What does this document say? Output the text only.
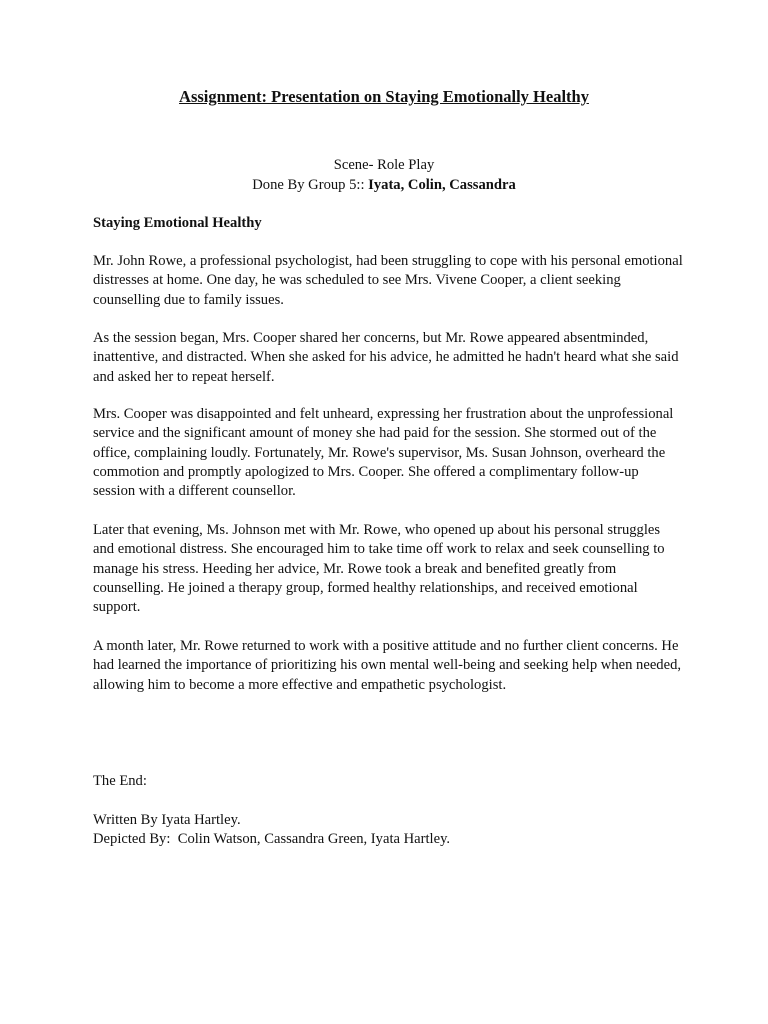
Assignment: Presentation on Staying Emotionally Healthy

Scene- Role Play

Done By Group 5:: Iyata, Colin, Cassandra

Staying Emotional Healthy

Mr. John Rowe, a professional psychologist, had been struggling to cope with his personal emotional distresses at home. One day, he was scheduled to see Mrs. Vivene Cooper, a client seeking counselling due to family issues.

As the session began, Mrs. Cooper shared her concerns, but Mr. Rowe appeared absentminded, inattentive, and distracted. When she asked for his advice, he admitted he hadn't heard what she said and asked her to repeat herself.

Mrs. Cooper was disappointed and felt unheard, expressing her frustration about the unprofessional service and the significant amount of money she had paid for the session. She stormed out of the office, complaining loudly. Fortunately, Mr. Rowe's supervisor, Ms. Susan Johnson, overheard the commotion and promptly apologized to Mrs. Cooper. She offered a complimentary follow-up session with a different counsellor.

Later that evening, Ms. Johnson met with Mr. Rowe, who opened up about his personal struggles and emotional distress. She encouraged him to take time off work to relax and seek counselling to manage his stress. Heeding her advice, Mr. Rowe took a break and benefited greatly from counselling. He joined a therapy group, formed healthy relationships, and received emotional support.

A month later, Mr. Rowe returned to work with a positive attitude and no further client concerns. He had learned the importance of prioritizing his own mental well-being and seeking help when needed, allowing him to become a more effective and empathetic psychologist.

The End:

Written By Iyata Hartley.

Depicted By:  Colin Watson, Cassandra Green, Iyata Hartley.
